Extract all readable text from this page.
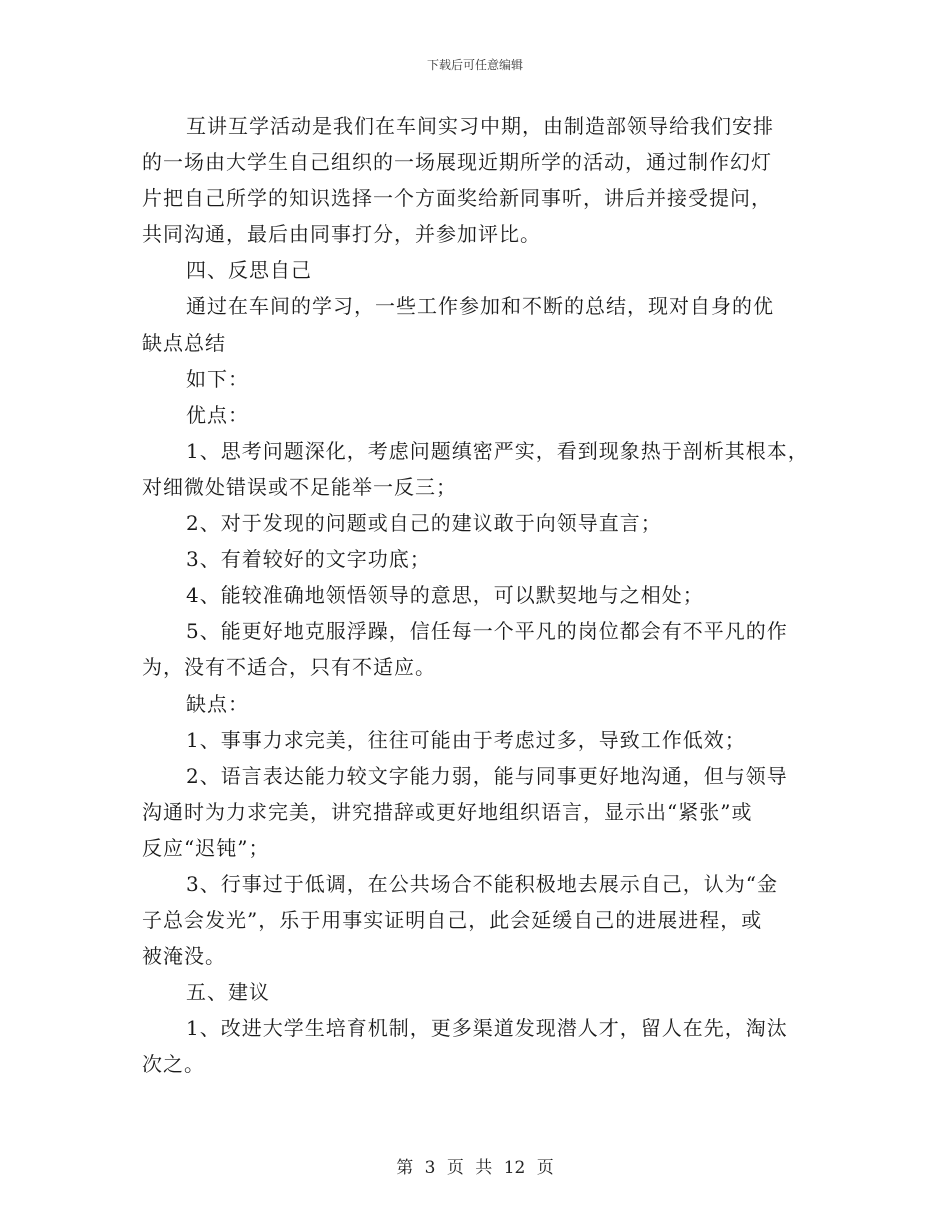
下载后可任意编辑
互讲互学活动是我们在车间实习中期，由制造部领导给我们安排
的一场由大学生自己组织的一场展现近期所学的活动，通过制作幻灯
片把自己所学的知识选择一个方面奖给新同事听，讲后并接受提问，
共同沟通，最后由同事打分，并参加评比。
四、反思自己
通过在车间的学习，一些工作参加和不断的总结，现对自身的优
缺点总结
如下：
优点：
1、思考问题深化，考虑问题缜密严实，看到现象热于剖析其根本，
对细微处错误或不足能举一反三；
2、对于发现的问题或自己的建议敢于向领导直言；
3、有着较好的文字功底；
4、能较准确地领悟领导的意思，可以默契地与之相处；
5、能更好地克服浮躁，信任每一个平凡的岗位都会有不平凡的作
为，没有不适合，只有不适应。
缺点：
1、事事力求完美，往往可能由于考虑过多，导致工作低效；
2、语言表达能力较文字能力弱，能与同事更好地沟通，但与领导
沟通时为力求完美，讲究措辞或更好地组织语言，显示出“紧张”或
反应“迟钝”；
3、行事过于低调，在公共场合不能积极地去展示自己，认为“金
子总会发光”，乐于用事实证明自己，此会延缓自己的进展进程，或
被淹没。
五、建议
1、改进大学生培育机制，更多渠道发现潜人才，留人在先，淘汰
次之。
第 3 页 共 12 页
